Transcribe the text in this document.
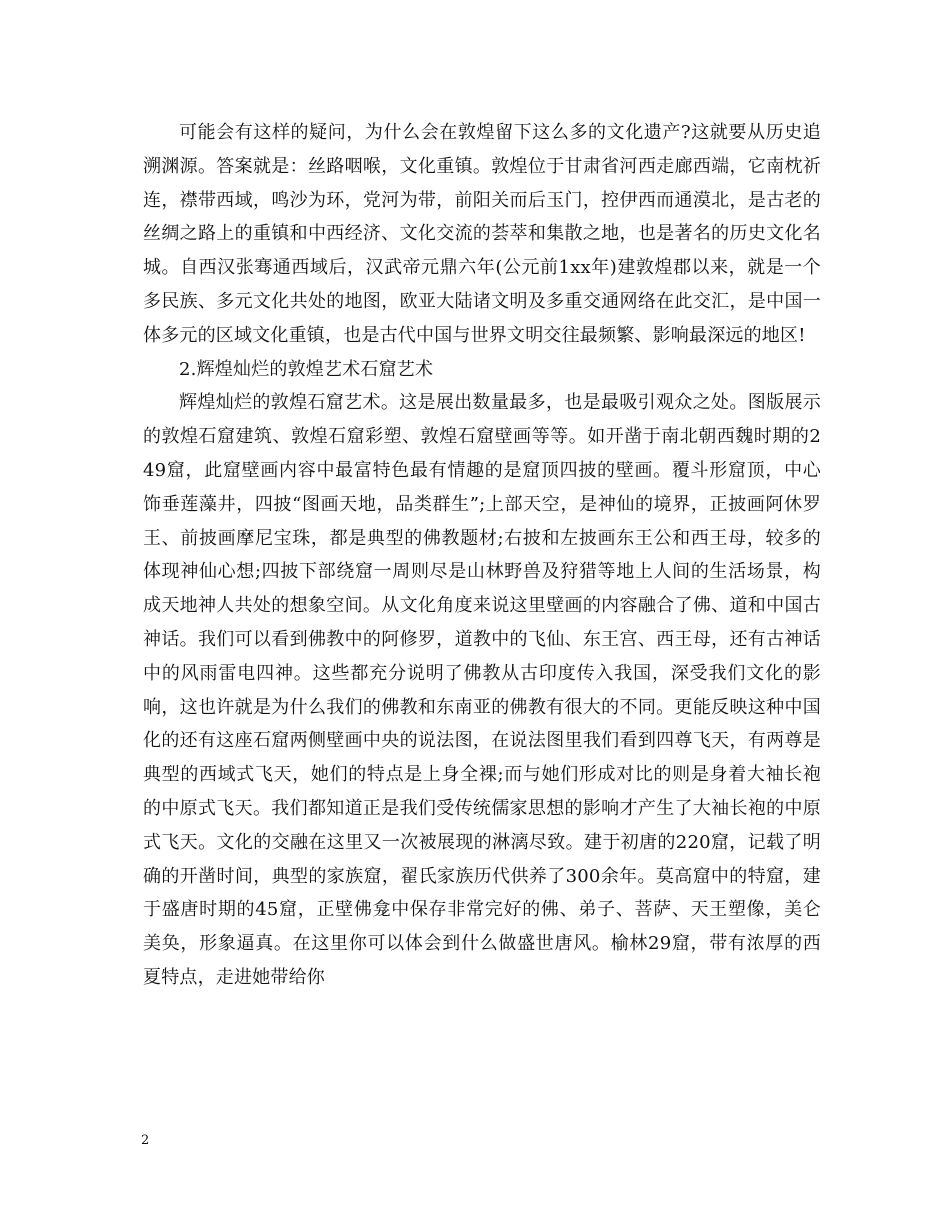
可能会有这样的疑问，为什么会在敦煌留下这么多的文化遗产?这就要从历史追溯渊源。答案就是：丝路咽喉，文化重镇。敦煌位于甘肃省河西走廊西端，它南枕祈连，襟带西域，鸣沙为环，党河为带，前阳关而后玉门，控伊西而通漠北，是古老的丝绸之路上的重镇和中西经济、文化交流的荟萃和集散之地，也是著名的历史文化名城。自西汉张骞通西域后，汉武帝元鼎六年(公元前1xx年)建敦煌郡以来，就是一个多民族、多元文化共处的地图，欧亚大陆诸文明及多重交通网络在此交汇，是中国一体多元的区域文化重镇，也是古代中国与世界文明交往最频繁、影响最深远的地区!

2.辉煌灿烂的敦煌艺术石窟艺术

辉煌灿烂的敦煌石窟艺术。这是展出数量最多，也是最吸引观众之处。图版展示的敦煌石窟建筑、敦煌石窟彩塑、敦煌石窟壁画等等。如开凿于南北朝西魏时期的249窟，此窟壁画内容中最富特色最有情趣的是窟顶四披的壁画。覆斗形窟顶，中心饰垂莲藻井，四披“图画天地，品类群生”;上部天空，是神仙的境界，正披画阿休罗王、前披画摩尼宝珠，都是典型的佛教题材;右披和左披画东王公和西王母，较多的体现神仙心想;四披下部绕窟一周则尽是山林野兽及狩猎等地上人间的生活场景，构成天地神人共处的想象空间。从文化角度来说这里壁画的内容融合了佛、道和中国古神话。我们可以看到佛教中的阿修罗，道教中的飞仙、东王宫、西王母，还有古神话中的风雨雷电四神。这些都充分说明了佛教从古印度传入我国，深受我们文化的影响，这也许就是为什么我们的佛教和东南亚的佛教有很大的不同。更能反映这种中国化的还有这座石窟两侧壁画中央的说法图，在说法图里我们看到四尊飞天，有两尊是典型的西域式飞天，她们的特点是上身全裸;而与她们形成对比的则是身着大袖长袍的中原式飞天。我们都知道正是我们受传统儒家思想的影响才产生了大袖长袍的中原式飞天。文化的交融在这里又一次被展现的淋漓尽致。建于初唐的220窟，记载了明确的开凿时间，典型的家族窟，翟氏家族历代供养了300余年。莫高窟中的特窟，建于盛唐时期的45窟，正壁佛龛中保存非常完好的佛、弟子、菩萨、天王塑像，美仑美奂，形象逼真。在这里你可以体会到什么做盛世唐风。榆林29窟，带有浓厚的西夏特点，走进她带给你

2
